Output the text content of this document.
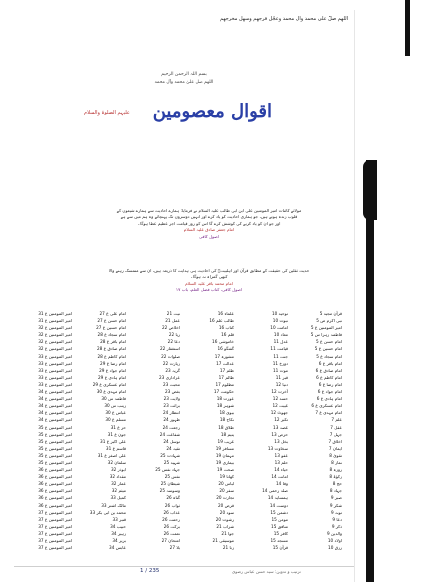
اللهم صلّ علی محمد وآل محمد وعجّل فرجهم وسهل مخرجهم
بسم اللہ الرحمن الرحیم
اللھم صل علیٰ محمد وآل محمد
اقوال معصومین
علیہم الصلوۃ والسلام
مولائے کائنات امیر المومنین علی ابن ابی طالب علیہ السلام نے فرمایا: ہمارے احادیث سے ہمارے شیعوں کے
قلوب زندہ ہوتے ہیں، جو ہماری احادیث کو یاد کرے اور انہیں دوسروں تک پہنچائے وہ ہم میں سے ہے
اور جو ان کو یاد کرنے کی کوشش کرے گا اس کو روز قیامت اجر عظیم عطا ہوگا۔
امام جعفر صادق علیہ السلام
اصول کافی
حدیث ثقلین کی حقیقت کے مطابق قرآن اور اہلبیتؑ کی احادیث ہی ہدایت کا ذریعہ ہیں، ان سے متمسک رہنے والا
کبھی گمراہ نہ ہوگا۔
امام محمد باقر علیہ السلام
اصول کافی، کتاب فضل العلم، باب ۱۷
قرآن مجید 5
نبی اکرم ص 5
امیر المومنین ع 5
فاطمہ زہرا س 5
امام حسن ع 5
امام حسین ع 5
امام سجاد ع 5
امام باقر ع 6
امام صادق ع 6
امام کاظم ع 6
امام رضا ع 6
امام جواد ع 6
امام ہادی ع 6
امام عسکری ع 6
امام مہدی ع 7
علم 7
عقل 7
جہل 7
اخلاق 7
ایمان 7
تقویٰ 8
نماز 8
روزہ 8
زکوٰۃ 8
حج 8
جہاد 8
صبر 9
شکر 9
توبہ 9
دعا 9
ذکر 9
والدین 9
اولاد 10
رزق 10
توحید 10
نبوت 10
امامت 10
معاد 10
عدل 11
قیامت 11
جنت 11
دوزخ 11
موت 11
قبر 11
دنیا 12
آخرت 12
حسد 12
غیبت 12
جھوٹ 12
تکبر 12
غصہ 13
حرص 13
بخل 13
سخاوت 13
عفو 13
حلم 13
حیاء 14
امانت 14
وفا 14
صلہ رحمی 14
ہمسایہ 14
دوست 14
دشمن 15
مومن 15
منافق 15
کافر 15
مسجد 15
قرآن 15
علماء 16
طالب علم 16
کتاب 16
قلم 16
خاموشی 16
گفتگو 16
مشورہ 17
عدالت 17
ظلم 17
ظالم 17
مظلوم 17
حکومت 17
عورت 18
شوہر 18
بیوی 18
نکاح 18
طلاق 18
یتیم 18
غریب 19
مسافر 19
مہمان 19
بیماری 19
صحت 19
کھانا 19
لباس 20
سفر 20
تجارت 20
قرض 20
سود 20
رشوت 20
شراب 21
جوا 21
موسیقی 21
زنا 21
نیت 21
عمل 21
اخلاص 22
ریا 22
دعا 22
استغفار 22
صلوات 22
زیارت 22
گریہ 23
عزاداری 23
محبت 23
بغض 23
ولایت 23
برائت 23
انتظار 24
ظہور 24
رجعت 24
شفاعت 24
توسل 24
تقیہ 24
شہادت 25
شہید 25
جہاد نفس 25
نفس 25
شیطان 25
وسوسہ 25
گناہ 26
ثواب 26
عذاب 26
رحمت 26
برکت 26
نعمت 26
امتحان 27
بلا 27
امام علی ع 27
امام حسن ع 27
امام حسین ع 27
امام سجاد ع 28
امام باقر ع 28
امام صادق ع 28
امام کاظم ع 28
امام رضا ع 29
امام جواد ع 29
امام ہادی ع 29
امام عسکری ع 29
امام مہدی ع 30
فاطمہ س 30
زینب س 30
عباس ع 30
مسلم ع 30
حر ع 31
جون ع 31
علی اکبر ع 31
قاسم ع 31
علی اصغر ع 31
سلمان 32
ابوذر 32
مقداد 32
عمار 32
میثم 32
کمیل 33
مالک اشتر 33
محمد بن ابی بکر 33
قنبر 33
حبیب 34
زہیر 34
بریر 34
عابس 34
امیر المومنین ع 31
امیر المومنین ع 31
امیر المومنین ع 32
امیر المومنین ع 32
امیر المومنین ع 32
امیر المومنین ع 32
امیر المومنین ع 33
امیر المومنین ع 33
امیر المومنین ع 33
امیر المومنین ع 33
امیر المومنین ع 33
امیر المومنین ع 34
امیر المومنین ع 34
امیر المومنین ع 34
امیر المومنین ع 34
امیر المومنین ع 34
امیر المومنین ع 35
امیر المومنین ع 35
امیر المومنین ع 35
امیر المومنین ع 35
امیر المومنین ع 35
امیر المومنین ع 35
امیر المومنین ع 36
امیر المومنین ع 36
امیر المومنین ع 36
امیر المومنین ع 36
امیر المومنین ع 36
امیر المومنین ع 36
امیر المومنین ع 37
امیر المومنین ع 37
امیر المومنین ع 37
امیر المومنین ع 37
امیر المومنین ع 37
امیر المومنین ع 37
1 / 235	ترتیب و تدوین: سید حسن عباس رضوی
